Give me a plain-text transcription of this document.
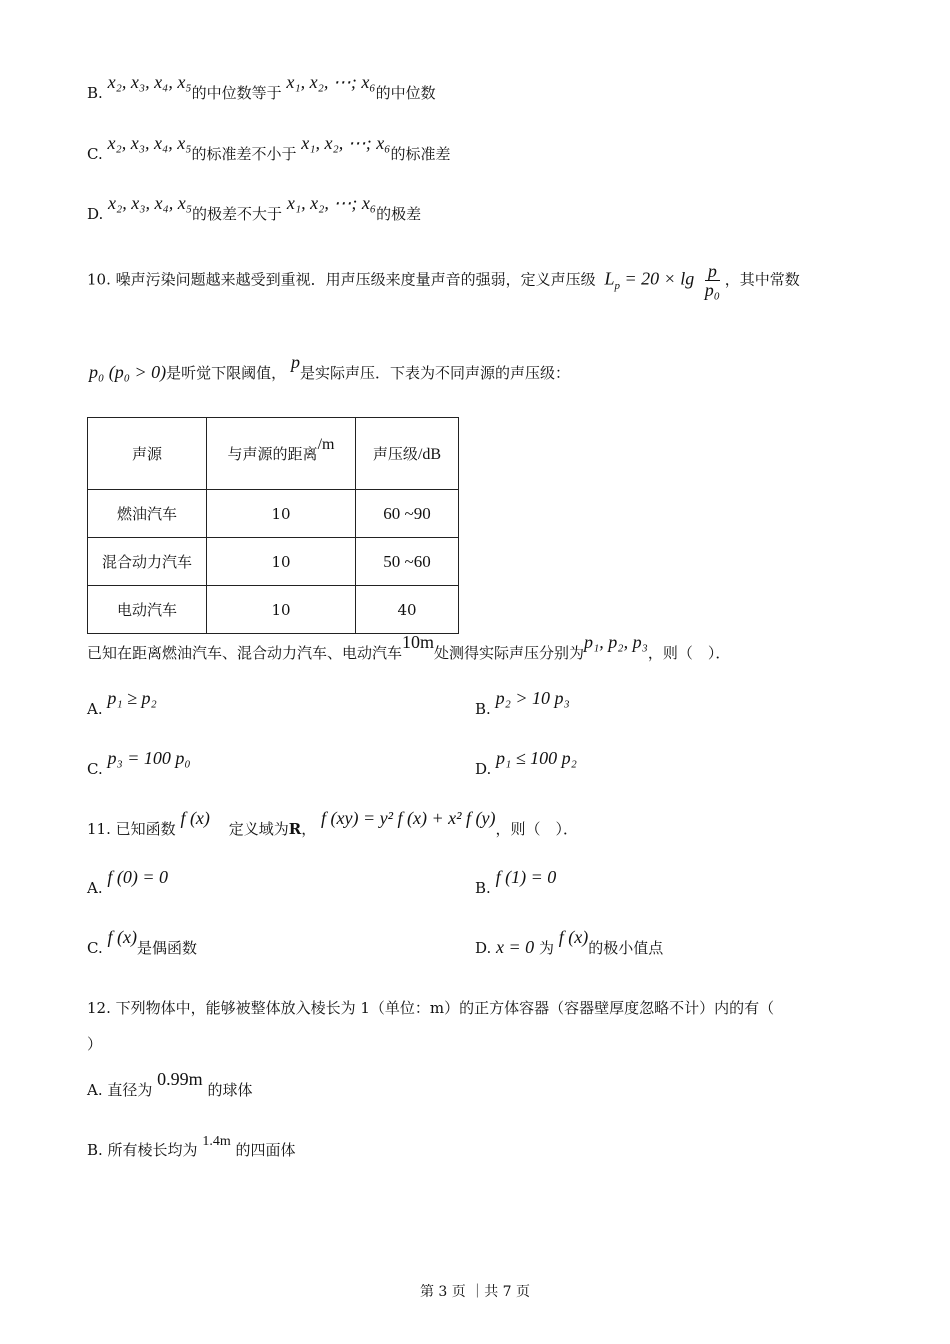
B. x₂, x₃, x₄, x₅的中位数等于 x₁, x₂, ⋯; x₆的中位数
C. x₂, x₃, x₄, x₅的标准差不小于 x₁, x₂, ⋯; x₆的标准差
D. x₂, x₃, x₄, x₅的极差不大于 x₁, x₂, ⋯; x₆的极差
10. 噪声污染问题越来越受到重视．用声压级来度量声音的强弱，定义声压级 $L_p = 20 \times \lg \frac{p}{\text{p₀}}$ ，其中常数
p₀ (p₀ > 0)是听觉下限阈值， p是实际声压．下表为不同声源的声压级：
声源	与声源的距离/m	声压级/dB
燃油汽车	10	60 ~90
混合动力汽车	10	50 ~60
电动汽车	10	40
已知在距离燃油汽车、混合动力汽车、电动汽车10m处测得实际声压分别为p₁, p₂, p₃，则（　）．
A. p₁ ≥ p₂
B. p₂ > 10 p₃
C. p₃ = 100 p₀
D. p₁ ≤ 100 p₂
11. 已知函数 f (x) 定义域为R， f (xy) = y² f (x) + x² f (y)，则（　）．
A. f (0) = 0
B. f (1) = 0
C. f (x)是偶函数	D. x = 0 为 f (x)的极小值点
12. 下列物体中，能够被整体放入棱长为 1（单位：m）的正方体容器（容器壁厚度忽略不计）内的有（
）
A. 直径为 0.99m 的球体
B. 所有棱长均为 1.4m 的四面体
第 3 页 ｜共 7 页
